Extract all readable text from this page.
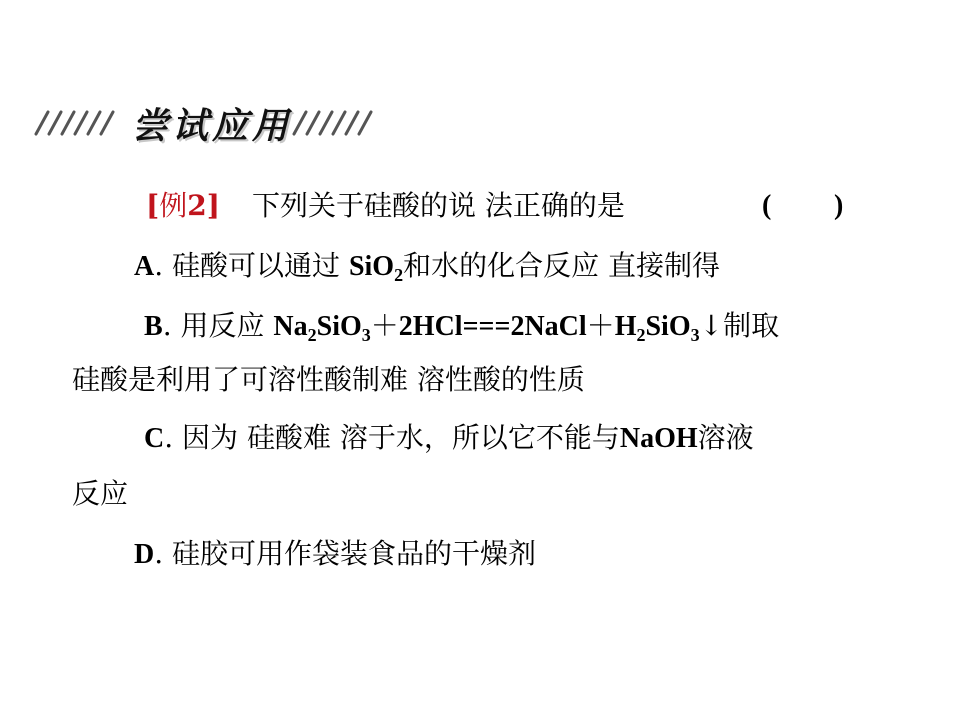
尝试应用
[例2] 下列关于硅酸的说 法正确的是	( )
A. 硅酸可以通过 SiO$_2$和水的化合反应 直接制得
B. 用反应 $Na_2SiO_3+2HCl===2NaCl+H_2SiO_3↓$制取
硅酸是利用了可溶性酸制难 溶性酸的性质
C. 因为 硅酸难 溶于水，所以它不能与NaOH溶液
反应
D. 硅胶可用作袋装食品的干燥剂
